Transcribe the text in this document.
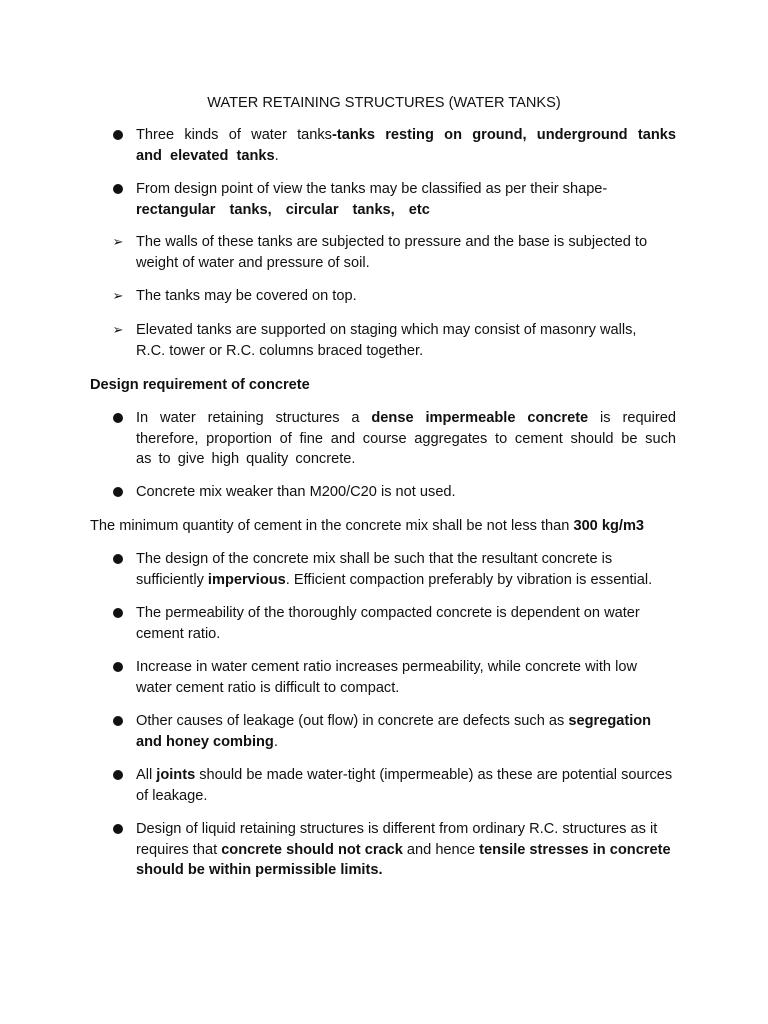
WATER RETAINING STRUCTURES (WATER TANKS)
Three kinds of water tanks-tanks resting on ground, underground tanks and elevated tanks.
From design point of view the tanks may be classified as per their shape-
rectangular tanks, circular tanks, etc
➢ The walls of these tanks are subjected to pressure and the base is subjected to weight of water and pressure of soil.
➢ The tanks may be covered on top.
➢ Elevated tanks are supported on staging which may consist of masonry walls, R.C. tower or R.C. columns braced together.
Design requirement of concrete
In water retaining structures a dense impermeable concrete is required therefore, proportion of fine and course aggregates to cement should be such as to give high quality concrete.
Concrete mix weaker than M200/C20 is not used.
The minimum quantity of cement in the concrete mix shall be not less than 300 kg/m3
The design of the concrete mix shall be such that the resultant concrete is sufficiently impervious. Efficient compaction preferably by vibration is essential.
The permeability of the thoroughly compacted concrete is dependent on water cement ratio.
Increase in water cement ratio increases permeability, while concrete with low water cement ratio is difficult to compact.
Other causes of leakage (out flow) in concrete are defects such as segregation and honey combing.
All joints should be made water-tight (impermeable) as these are potential sources of leakage.
Design of liquid retaining structures is different from ordinary R.C. structures as it requires that concrete should not crack and hence tensile stresses in concrete should be within permissible limits.
